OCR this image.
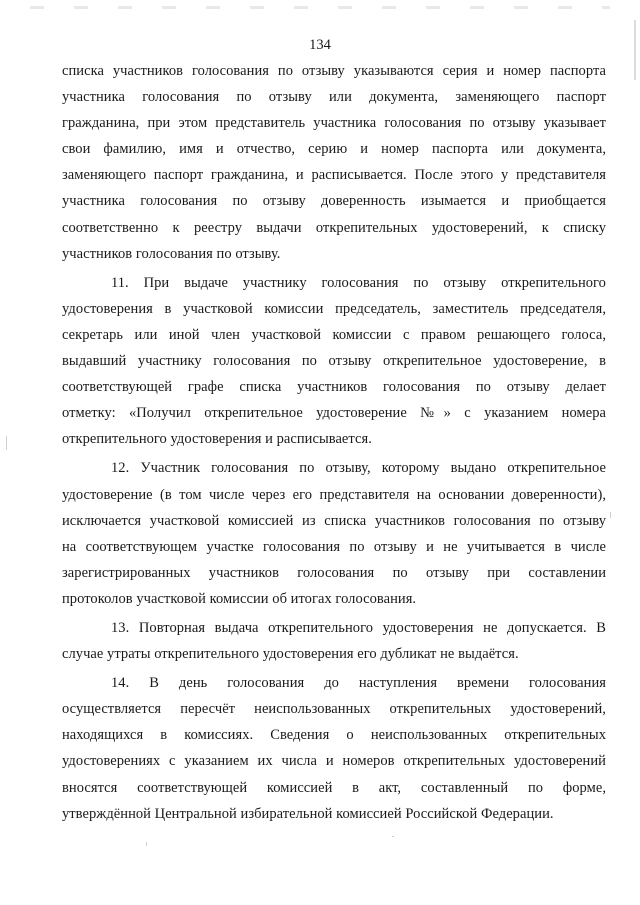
134
списка участников голосования по отзыву указываются серия и номер паспорта
участника голосования по отзыву или документа, заменяющего паспорт
гражданина, при этом представитель участника голосования по отзыву указывает
свои фамилию, имя и отчество, серию и номер паспорта или документа,
заменяющего паспорт гражданина, и расписывается. После этого у представителя
участника голосования по отзыву доверенность изымается и приобщается
соответственно к реестру выдачи открепительных удостоверений, к списку
участников голосования по отзыву.
11. При выдаче участнику голосования по отзыву открепительного
удостоверения в участковой комиссии председатель, заместитель председателя,
секретарь или иной член участковой комиссии с правом решающего голоса,
выдавший участнику голосования по отзыву открепительное удостоверение, в
соответствующей графе списка участников голосования по отзыву делает
отметку: «Получил открепительное удостоверение №» с указанием номера
открепительного удостоверения и расписывается.
12. Участник голосования по отзыву, которому выдано открепительное
удостоверение (в том числе через его представителя на основании доверенности),
исключается участковой комиссией из списка участников голосования по отзыву
на соответствующем участке голосования по отзыву и не учитывается в числе
зарегистрированных участников голосования по отзыву при составлении
протоколов участковой комиссии об итогах голосования.
13. Повторная выдача открепительного удостоверения не допускается. В
случае утраты открепительного удостоверения его дубликат не выдаётся.
14. В день голосования до наступления времени голосования
осуществляется пересчёт неиспользованных открепительных удостоверений,
находящихся в комиссиях. Сведения о неиспользованных открепительных
удостоверениях с указанием их числа и номеров открепительных удостоверений
вносятся соответствующей комиссией в акт, составленный по форме,
утверждённой Центральной избирательной комиссией Российской Федерации.
